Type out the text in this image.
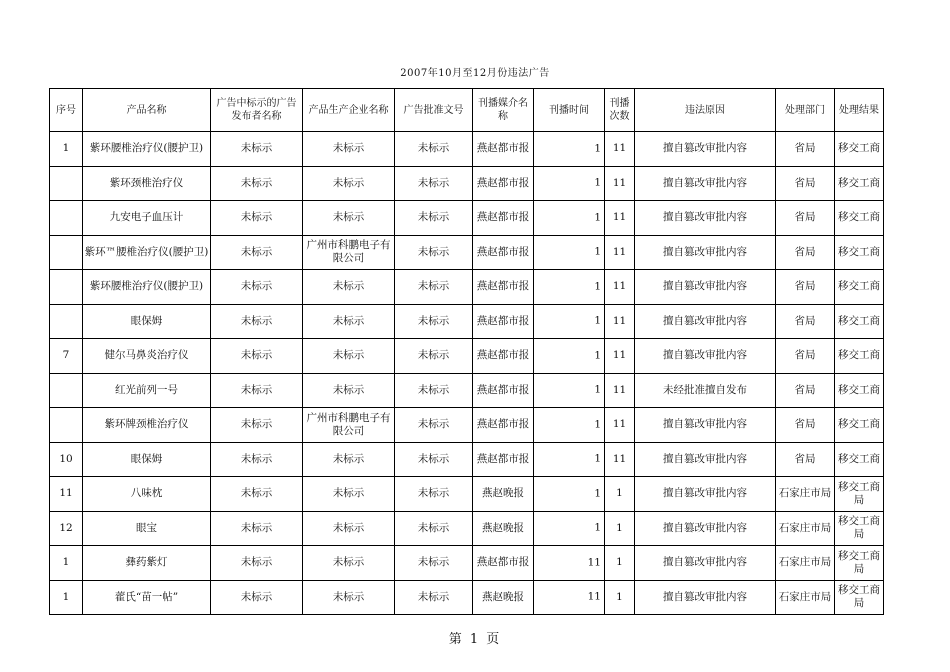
2007年10月至12月份违法广告
序号	产品名称	广告中标示的广告发布者名称	产品生产企业名称	广告批准文号	刊播媒介名称	刊播时间	刊播次数	违法原因	处理部门	处理结果
1	紫环腰椎治疗仪(腰护卫)	未标示	未标示	未标示	燕赵都市报	1	11	擅自篡改审批内容	省局	移交工商
	紫环颈椎治疗仪	未标示	未标示	未标示	燕赵都市报	1	11	擅自篡改审批内容	省局	移交工商
	九安电子血压计	未标示	未标示	未标示	燕赵都市报	1	11	擅自篡改审批内容	省局	移交工商
	紫环™腰椎治疗仪(腰护卫)	未标示	广州市科鹏电子有限公司	未标示	燕赵都市报	1	11	擅自篡改审批内容	省局	移交工商
	紫环腰椎治疗仪(腰护卫)	未标示	未标示	未标示	燕赵都市报	1	11	擅自篡改审批内容	省局	移交工商
	眼保姆	未标示	未标示	未标示	燕赵都市报	1	11	擅自篡改审批内容	省局	移交工商
7	健尔马鼻炎治疗仪	未标示	未标示	未标示	燕赵都市报	1	11	擅自篡改审批内容	省局	移交工商
	红光前列一号	未标示	未标示	未标示	燕赵都市报	1	11	未经批准擅自发布	省局	移交工商
	紫环牌颈椎治疗仪	未标示	广州市科鹏电子有限公司	未标示	燕赵都市报	1	11	擅自篡改审批内容	省局	移交工商
10	眼保姆	未标示	未标示	未标示	燕赵都市报	1	11	擅自篡改审批内容	省局	移交工商
11	八味枕	未标示	未标示	未标示	燕赵晚报	1	1	擅自篡改审批内容	石家庄市局	移交工商局
12	眼宝	未标示	未标示	未标示	燕赵晚报	1	1	擅自篡改审批内容	石家庄市局	移交工商局
1	彝药紫灯	未标示	未标示	未标示	燕赵都市报	11	1	擅自篡改审批内容	石家庄市局	移交工商局
1	藿氏“苗一帖”	未标示	未标示	未标示	燕赵晚报	11	1	擅自篡改审批内容	石家庄市局	移交工商局
第 1 页
